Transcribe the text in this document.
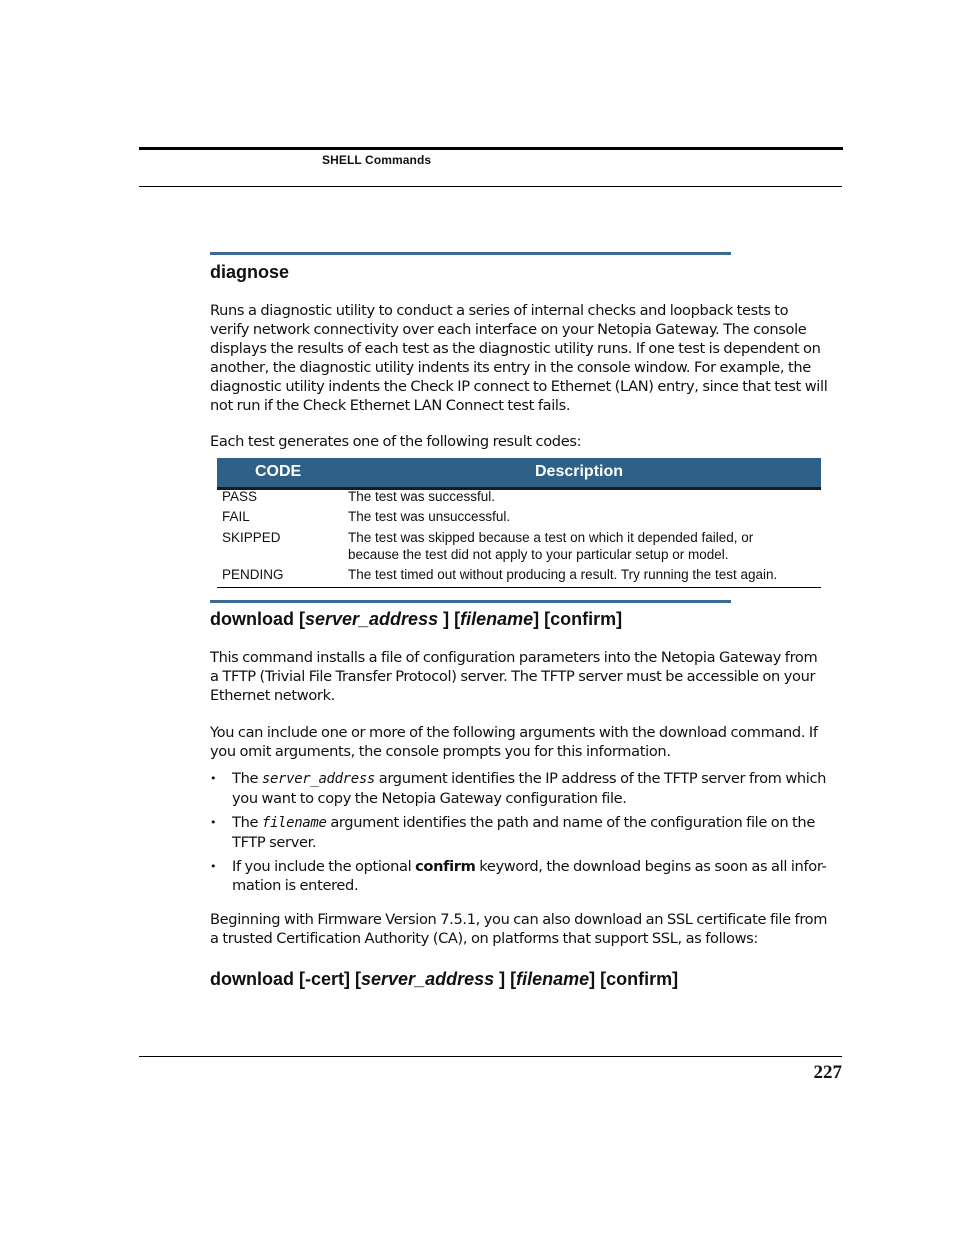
SHELL Commands
diagnose
Runs a diagnostic utility to conduct a series of internal checks and loopback tests to verify network connectivity over each interface on your Netopia Gateway. The console displays the results of each test as the diagnostic utility runs. If one test is dependent on another, the diagnostic utility indents its entry in the console window. For example, the diagnostic utility indents the Check IP connect to Ethernet (LAN) entry, since that test will not run if the Check Ethernet LAN Connect test fails.
Each test generates one of the following result codes:
CODE	Description
PASS	The test was successful.
FAIL	The test was unsuccessful.
SKIPPED	The test was skipped because a test on which it depended failed, or because the test did not apply to your particular setup or model.
PENDING	The test timed out without producing a result. Try running the test again.
download [server_address ] [filename] [confirm]
This command installs a file of configuration parameters into the Netopia Gateway from a TFTP (Trivial File Transfer Protocol) server. The TFTP server must be accessible on your Ethernet network.
You can include one or more of the following arguments with the download command. If you omit arguments, the console prompts you for this information.
• The server_address argument identifies the IP address of the TFTP server from which you want to copy the Netopia Gateway configuration file.
• The filename argument identifies the path and name of the configuration file on the TFTP server.
• If you include the optional confirm keyword, the download begins as soon as all infor-mation is entered.
Beginning with Firmware Version 7.5.1, you can also download an SSL certificate file from a trusted Certification Authority (CA), on platforms that support SSL, as follows:
download [-cert] [server_address ] [filename] [confirm]
227
